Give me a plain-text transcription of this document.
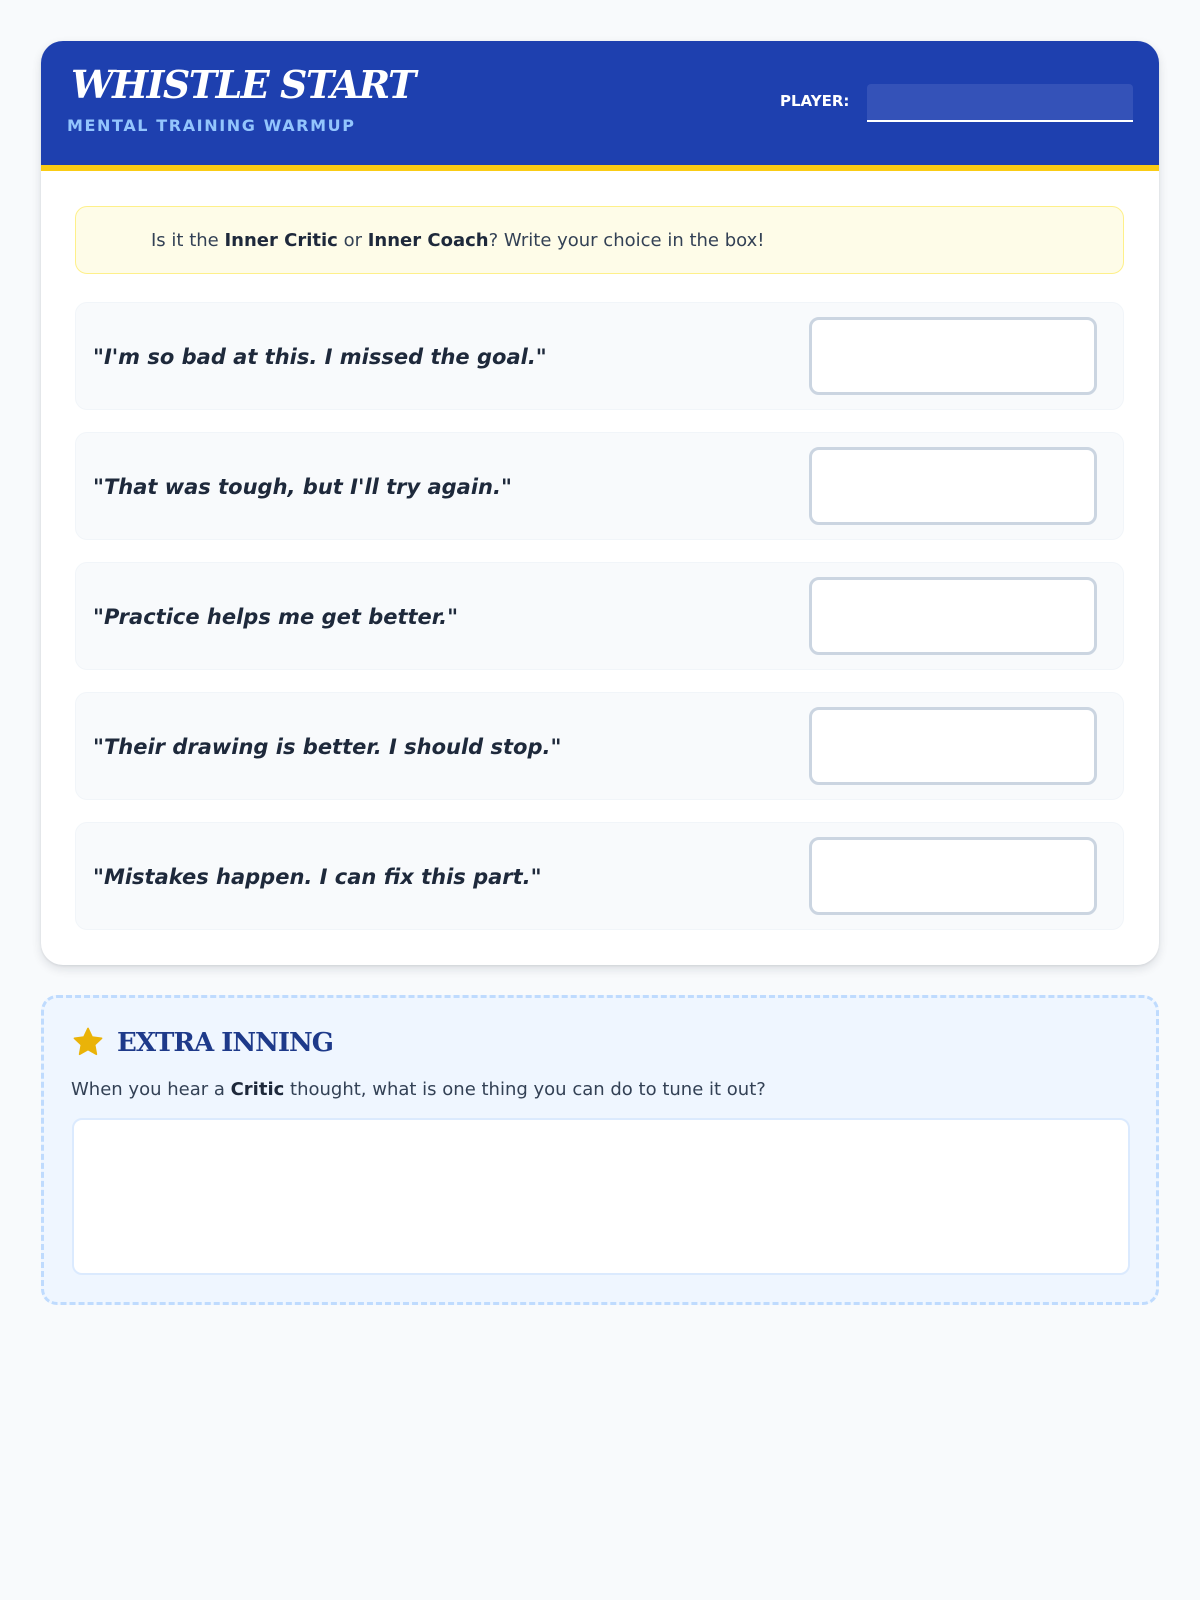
WHISTLE START
MENTAL TRAINING WARMUP
PLAYER:
Is it the Inner Critic or Inner Coach? Write your choice in the box!
"I'm so bad at this. I missed the goal."
"That was tough, but I'll try again."
"Practice helps me get better."
"Their drawing is better. I should stop."
"Mistakes happen. I can fix this part."
EXTRA INNING
When you hear a Critic thought, what is one thing you can do to tune it out?
